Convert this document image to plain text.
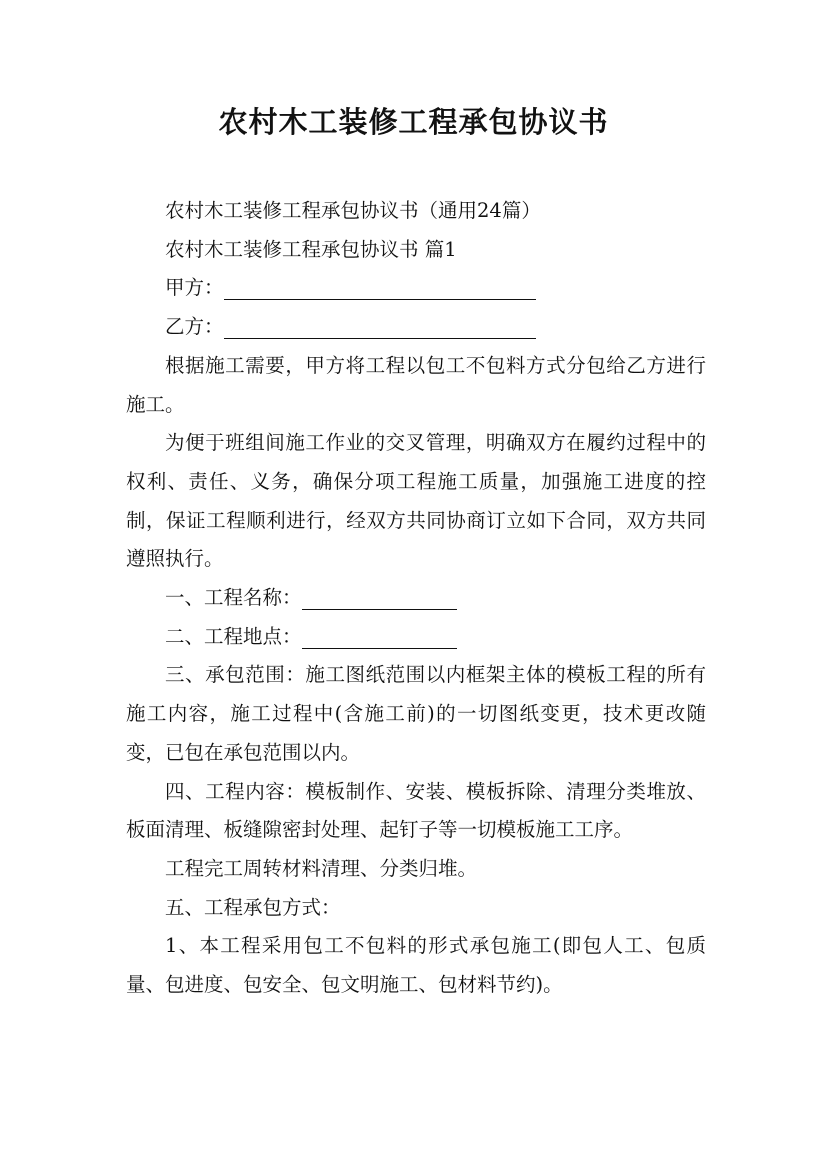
农村木工装修工程承包协议书

农村木工装修工程承包协议书（通用24篇）

农村木工装修工程承包协议书 篇1

甲方：

乙方：

根据施工需要，甲方将工程以包工不包料方式分包给乙方进行施工。

为便于班组间施工作业的交叉管理，明确双方在履约过程中的权利、责任、义务，确保分项工程施工质量，加强施工进度的控制，保证工程顺利进行，经双方共同协商订立如下合同，双方共同遵照执行。

一、工程名称：

二、工程地点：

三、承包范围：施工图纸范围以内框架主体的模板工程的所有施工内容，施工过程中(含施工前)的一切图纸变更，技术更改随变，已包在承包范围以内。

四、工程内容：模板制作、安装、模板拆除、清理分类堆放、板面清理、板缝隙密封处理、起钉子等一切模板施工工序。

工程完工周转材料清理、分类归堆。

五、工程承包方式：

1、本工程采用包工不包料的形式承包施工(即包人工、包质量、包进度、包安全、包文明施工、包材料节约)。
